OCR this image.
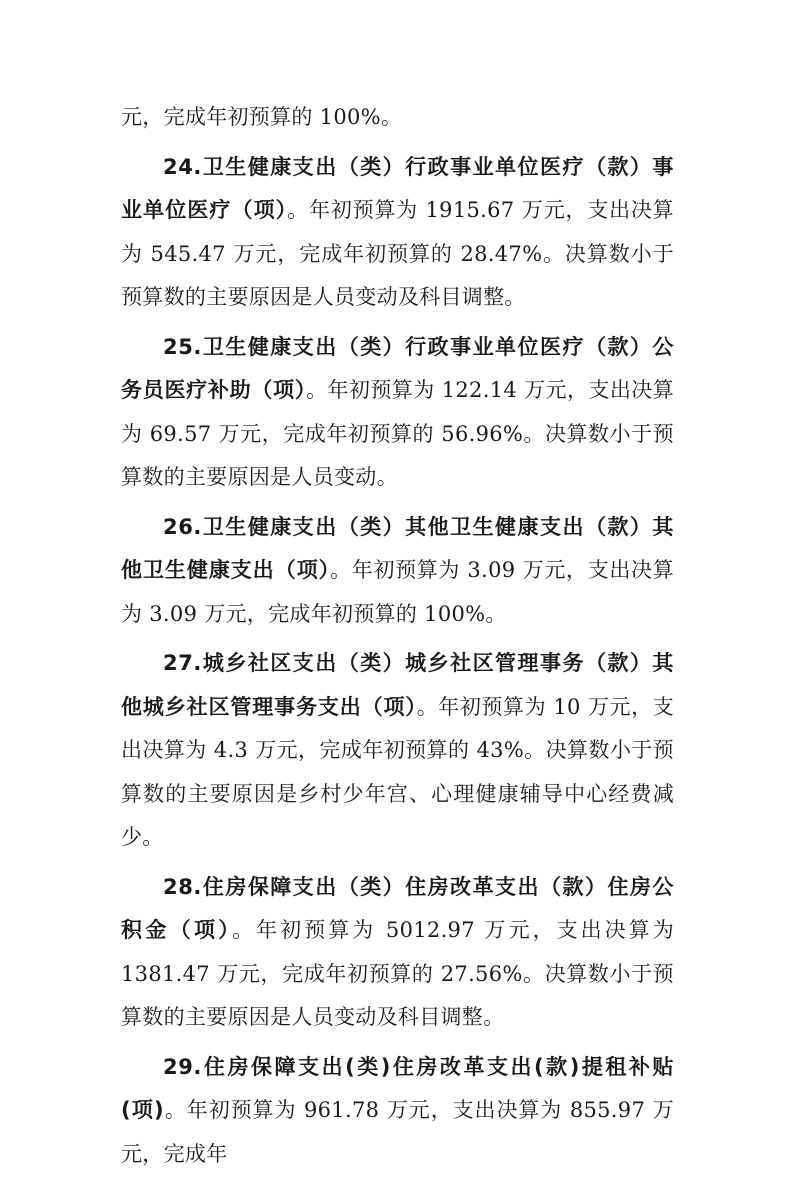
元，完成年初预算的 100%。

24.卫生健康支出（类）行政事业单位医疗（款）事业单位医疗（项）。年初预算为 1915.67 万元，支出决算为 545.47 万元，完成年初预算的 28.47%。决算数小于预算数的主要原因是人员变动及科目调整。

25.卫生健康支出（类）行政事业单位医疗（款）公务员医疗补助（项）。年初预算为 122.14 万元，支出决算为 69.57 万元，完成年初预算的 56.96%。决算数小于预算数的主要原因是人员变动。

26.卫生健康支出（类）其他卫生健康支出（款）其他卫生健康支出（项）。年初预算为 3.09 万元，支出决算为 3.09 万元，完成年初预算的 100%。

27.城乡社区支出（类）城乡社区管理事务（款）其他城乡社区管理事务支出（项）。年初预算为 10 万元，支出决算为 4.3 万元，完成年初预算的 43%。决算数小于预算数的主要原因是乡村少年宫、心理健康辅导中心经费减少。

28.住房保障支出（类）住房改革支出（款）住房公积金（项）。年初预算为 5012.97 万元，支出决算为 1381.47 万元，完成年初预算的 27.56%。决算数小于预算数的主要原因是人员变动及科目调整。

29.住房保障支出(类)住房改革支出(款)提租补贴(项)。年初预算为 961.78 万元，支出决算为 855.97 万元，完成年
